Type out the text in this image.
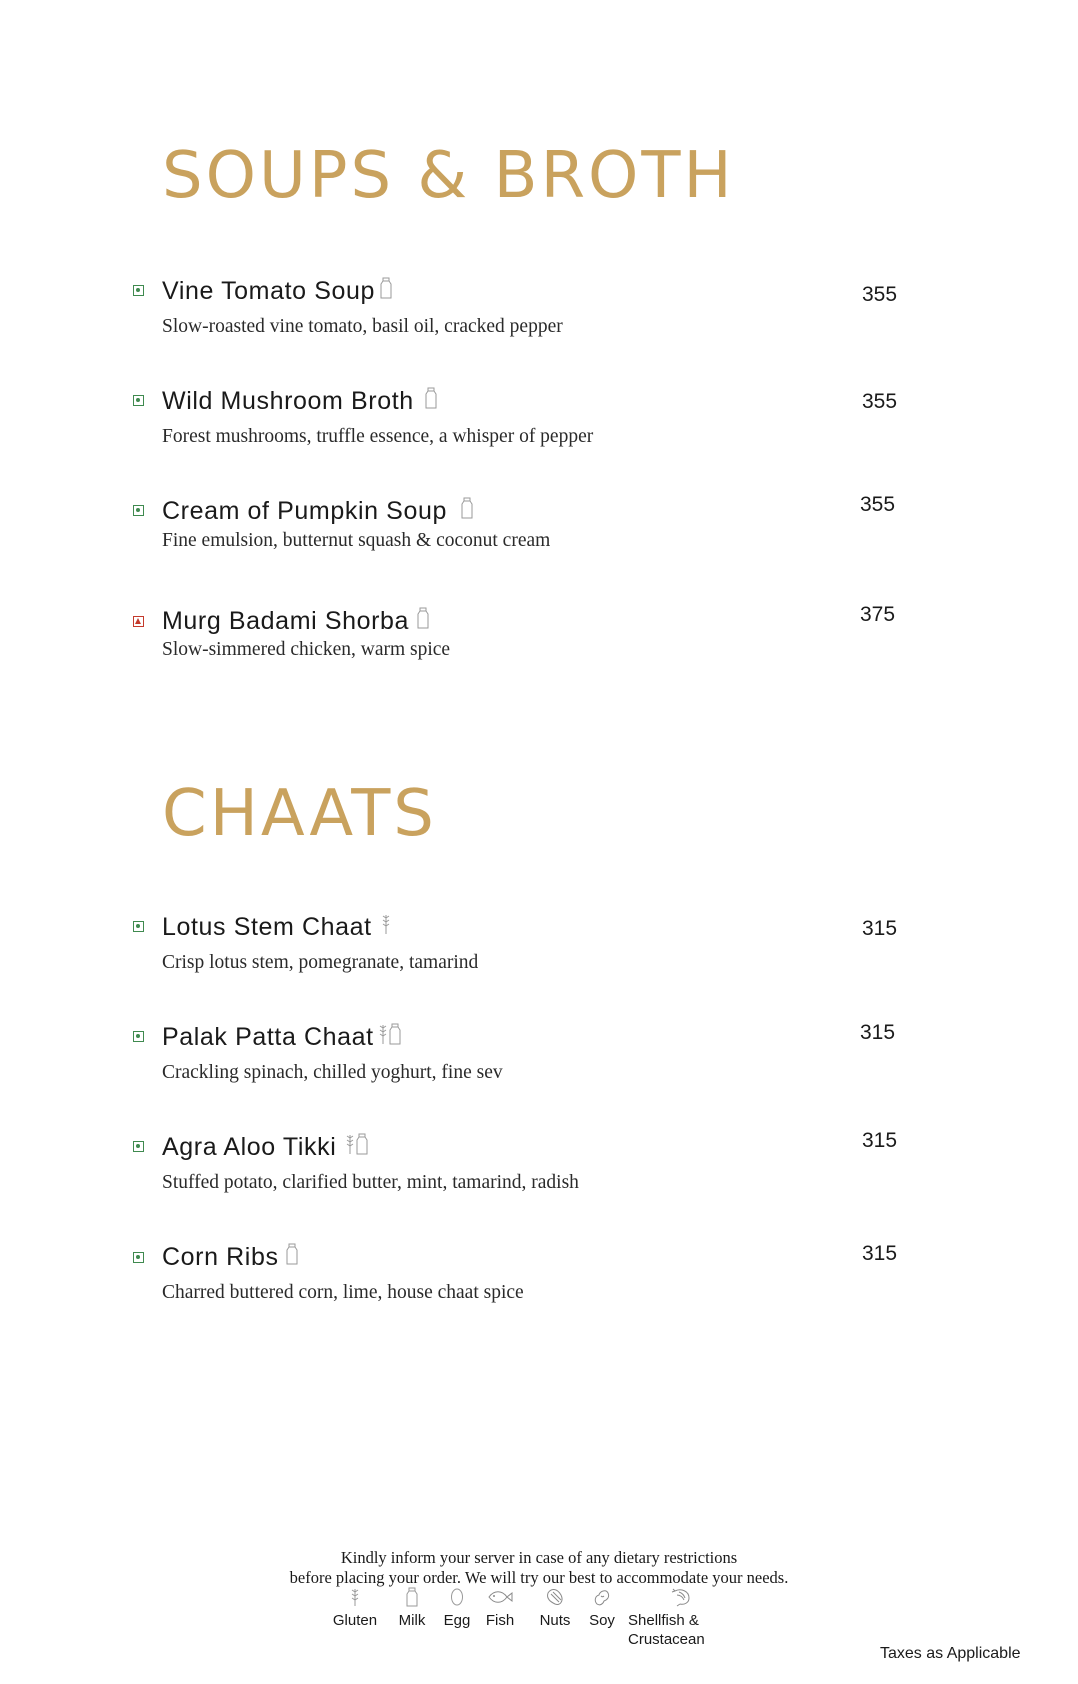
SOUPS & BROTH
Vine Tomato Soup
Slow-roasted vine tomato, basil oil, cracked pepper
355
Wild Mushroom Broth
Forest mushrooms, truffle essence, a whisper of pepper
355
Cream of Pumpkin Soup
Fine emulsion, butternut squash & coconut cream
355
Murg Badami Shorba
Slow-simmered chicken, warm spice
375
CHAATS
Lotus Stem Chaat
Crisp lotus stem, pomegranate, tamarind
315
Palak Patta Chaat
Crackling spinach, chilled yoghurt, fine sev
315
Agra Aloo Tikki
Stuffed potato, clarified butter, mint, tamarind, radish
315
Corn Ribs
Charred buttered corn, lime, house chaat spice
315
Kindly inform your server in case of any dietary restrictions
before placing your order. We will try our best to accommodate your needs.
Gluten	Milk	Egg	Fish	Nuts	Soy Shellfish &
Crustacean
Taxes as Applicable
